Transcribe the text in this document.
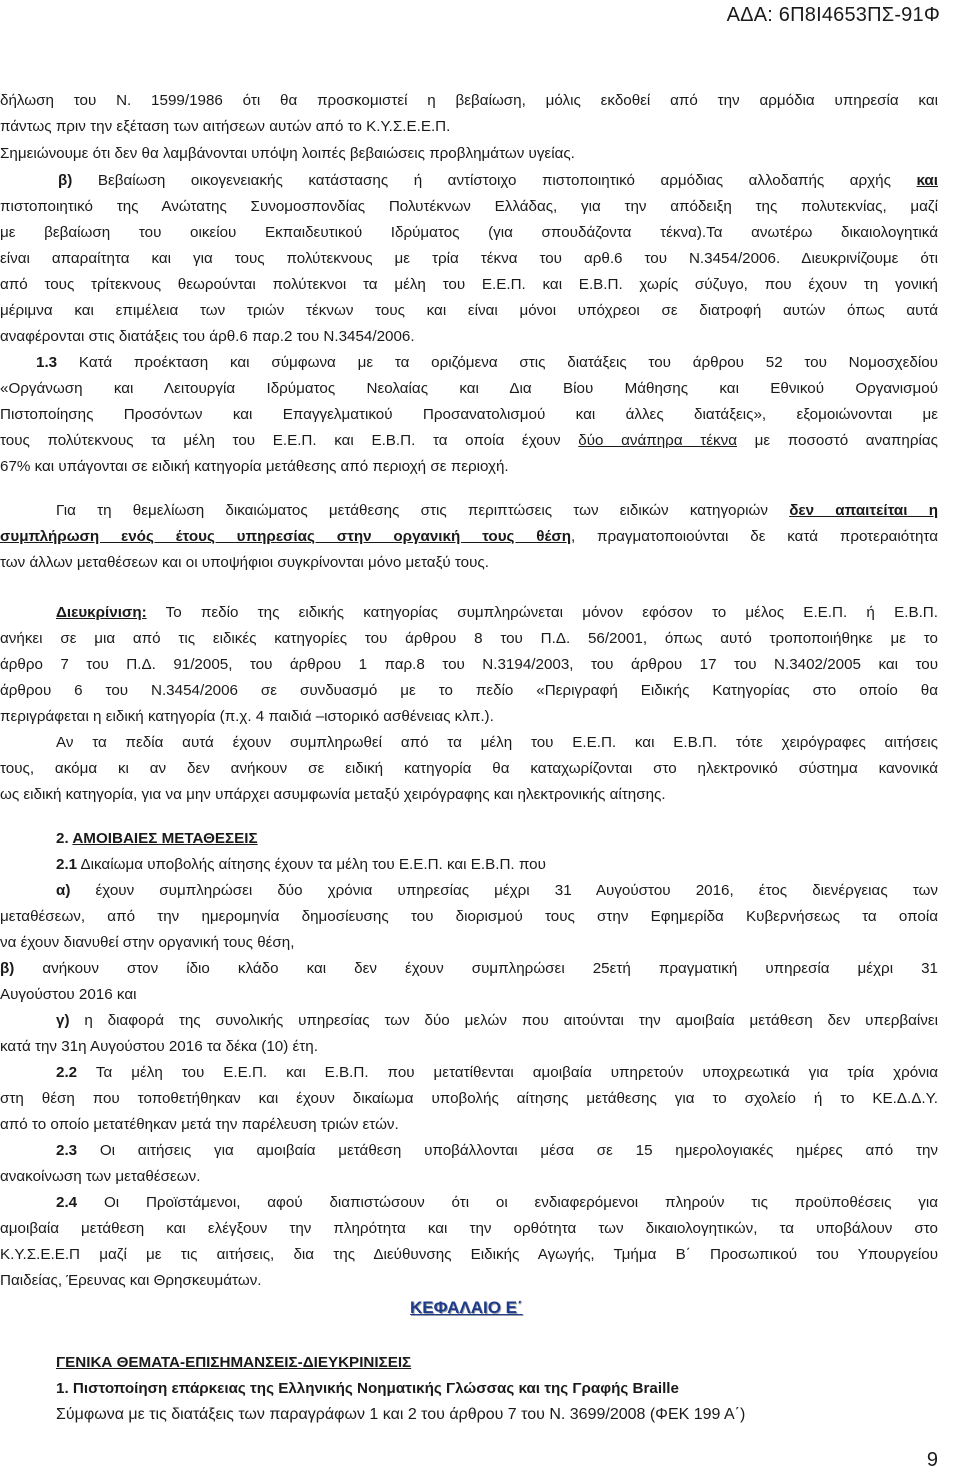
ΑΔΑ: 6Π8Ι4653ΠΣ-91Φ
δήλωση του Ν. 1599/1986 ότι θα προσκομιστεί η βεβαίωση, μόλις εκδοθεί από την αρμόδια υπηρεσία και
πάντως πριν την εξέταση των αιτήσεων αυτών από το Κ.Υ.Σ.Ε.Ε.Π.
Σημειώνουμε ότι δεν θα λαμβάνονται υπόψη λοιπές βεβαιώσεις προβλημάτων υγείας.
β) Βεβαίωση οικογενειακής κατάστασης ή αντίστοιχο πιστοποιητικό αρμόδιας αλλοδαπής αρχής και
πιστοποιητικό της Ανώτατης Συνομοσπονδίας Πολυτέκνων Ελλάδας, για την απόδειξη της πολυτεκνίας, μαζί
με βεβαίωση του οικείου Εκπαιδευτικού Ιδρύματος (για σπουδάζοντα τέκνα).Τα ανωτέρω δικαιολογητικά
είναι απαραίτητα και για τους πολύτεκνους με τρία τέκνα του αρθ.6 του Ν.3454/2006. Διευκρινίζουμε ότι
από τους τρίτεκνους θεωρούνται πολύτεκνοι τα μέλη του Ε.Ε.Π. και Ε.Β.Π. χωρίς σύζυγο, που έχουν τη γονική
μέριμνα και επιμέλεια των τριών τέκνων τους και είναι μόνοι υπόχρεοι σε διατροφή αυτών όπως αυτά
αναφέρονται στις διατάξεις του άρθ.6 παρ.2 του Ν.3454/2006.
1.3 Κατά προέκταση και σύμφωνα με τα οριζόμενα στις διατάξεις του άρθρου 52 του Νομοσχεδίου
«Οργάνωση και Λειτουργία Ιδρύματος Νεολαίας και Δια Βίου Μάθησης και Εθνικού Οργανισμού
Πιστοποίησης Προσόντων και Επαγγελματικού Προσανατολισμού και άλλες διατάξεις», εξομοιώνονται με
τους πολύτεκνους τα μέλη του Ε.Ε.Π. και Ε.Β.Π. τα οποία έχουν δύο ανάπηρα τέκνα με ποσοστό αναπηρίας
67% και υπάγονται σε ειδική κατηγορία μετάθεσης από περιοχή σε περιοχή.
Για τη θεμελίωση δικαιώματος μετάθεσης στις περιπτώσεις των ειδικών κατηγοριών δεν απαιτείται η
συμπλήρωση ενός έτους υπηρεσίας στην οργανική τους θέση, πραγματοποιούνται δε κατά προτεραιότητα
των άλλων μεταθέσεων και οι υποψήφιοι συγκρίνονται μόνο μεταξύ τους.
Διευκρίνιση: Το πεδίο της ειδικής κατηγορίας συμπληρώνεται μόνον εφόσον το μέλος Ε.Ε.Π. ή Ε.Β.Π.
ανήκει σε μια από τις ειδικές κατηγορίες του άρθρου 8 του Π.Δ. 56/2001, όπως αυτό τροποποιήθηκε με το
άρθρο 7 του Π.Δ. 91/2005, του άρθρου 1 παρ.8 του Ν.3194/2003, του άρθρου 17 του Ν.3402/2005 και του
άρθρου 6 του Ν.3454/2006 σε συνδυασμό με το πεδίο «Περιγραφή Ειδικής Κατηγορίας στο οποίο θα
περιγράφεται η ειδική κατηγορία (π.χ. 4 παιδιά –ιστορικό ασθένειας κλπ.).
Αν τα πεδία αυτά έχουν συμπληρωθεί από τα μέλη του Ε.Ε.Π. και Ε.Β.Π. τότε χειρόγραφες αιτήσεις
τους, ακόμα κι αν δεν ανήκουν σε ειδική κατηγορία θα καταχωρίζονται στο ηλεκτρονικό σύστημα κανονικά
ως ειδική κατηγορία, για να μην υπάρχει ασυμφωνία μεταξύ χειρόγραφης και ηλεκτρονικής αίτησης.
2. ΑΜΟΙΒΑΙΕΣ ΜΕΤΑΘΕΣΕΙΣ
2.1 Δικαίωμα υποβολής αίτησης έχουν τα μέλη του Ε.Ε.Π. και Ε.Β.Π. που
α) έχουν συμπληρώσει δύο χρόνια υπηρεσίας μέχρι 31 Αυγούστου 2016, έτος διενέργειας των
μεταθέσεων, από την ημερομηνία δημοσίευσης του διορισμού τους στην Εφημερίδα Κυβερνήσεως τα οποία
να έχουν διανυθεί στην οργανική τους θέση,
β) ανήκουν στον ίδιο κλάδο και δεν έχουν συμπληρώσει 25ετή πραγματική υπηρεσία μέχρι 31
Αυγούστου 2016 και
γ) η διαφορά της συνολικής υπηρεσίας των δύο μελών που αιτούνται την αμοιβαία μετάθεση δεν υπερβαίνει
κατά την 31η Αυγούστου 2016 τα δέκα (10) έτη.
2.2 Τα μέλη του Ε.Ε.Π. και Ε.Β.Π. που μετατίθενται αμοιβαία υπηρετούν υποχρεωτικά για τρία χρόνια
στη θέση που τοποθετήθηκαν και έχουν δικαίωμα υποβολής αίτησης μετάθεσης για το σχολείο ή το ΚΕ.Δ.Δ.Υ.
από το οποίο μετατέθηκαν μετά την παρέλευση τριών ετών.
2.3 Οι αιτήσεις για αμοιβαία μετάθεση υποβάλλονται μέσα σε 15 ημερολογιακές ημέρες από την
ανακοίνωση των μεταθέσεων.
2.4 Οι Προϊστάμενοι, αφού διαπιστώσουν ότι οι ενδιαφερόμενοι πληρούν τις προϋποθέσεις για
αμοιβαία μετάθεση και ελέγξουν την πληρότητα και την ορθότητα των δικαιολογητικών, τα υποβάλουν στο
Κ.Υ.Σ.Ε.Ε.Π μαζί με τις αιτήσεις, δια της Διεύθυνσης Ειδικής Αγωγής, Τμήμα Β΄ Προσωπικού του Υπουργείου
Παιδείας, Έρευνας και Θρησκευμάτων.
ΚΕΦΑΛΑΙΟ Ε΄
ΓΕΝΙΚΑ ΘΕΜΑΤΑ-ΕΠΙΣΗΜΑΝΣΕΙΣ-ΔΙΕΥΚΡΙΝΙΣΕΙΣ
1. Πιστοποίηση επάρκειας της Ελληνικής Νοηματικής Γλώσσας και της Γραφής Braille
Σύμφωνα με τις διατάξεις των παραγράφων 1 και 2 του άρθρου 7 του Ν. 3699/2008 (ΦΕΚ 199 Α΄)
9
